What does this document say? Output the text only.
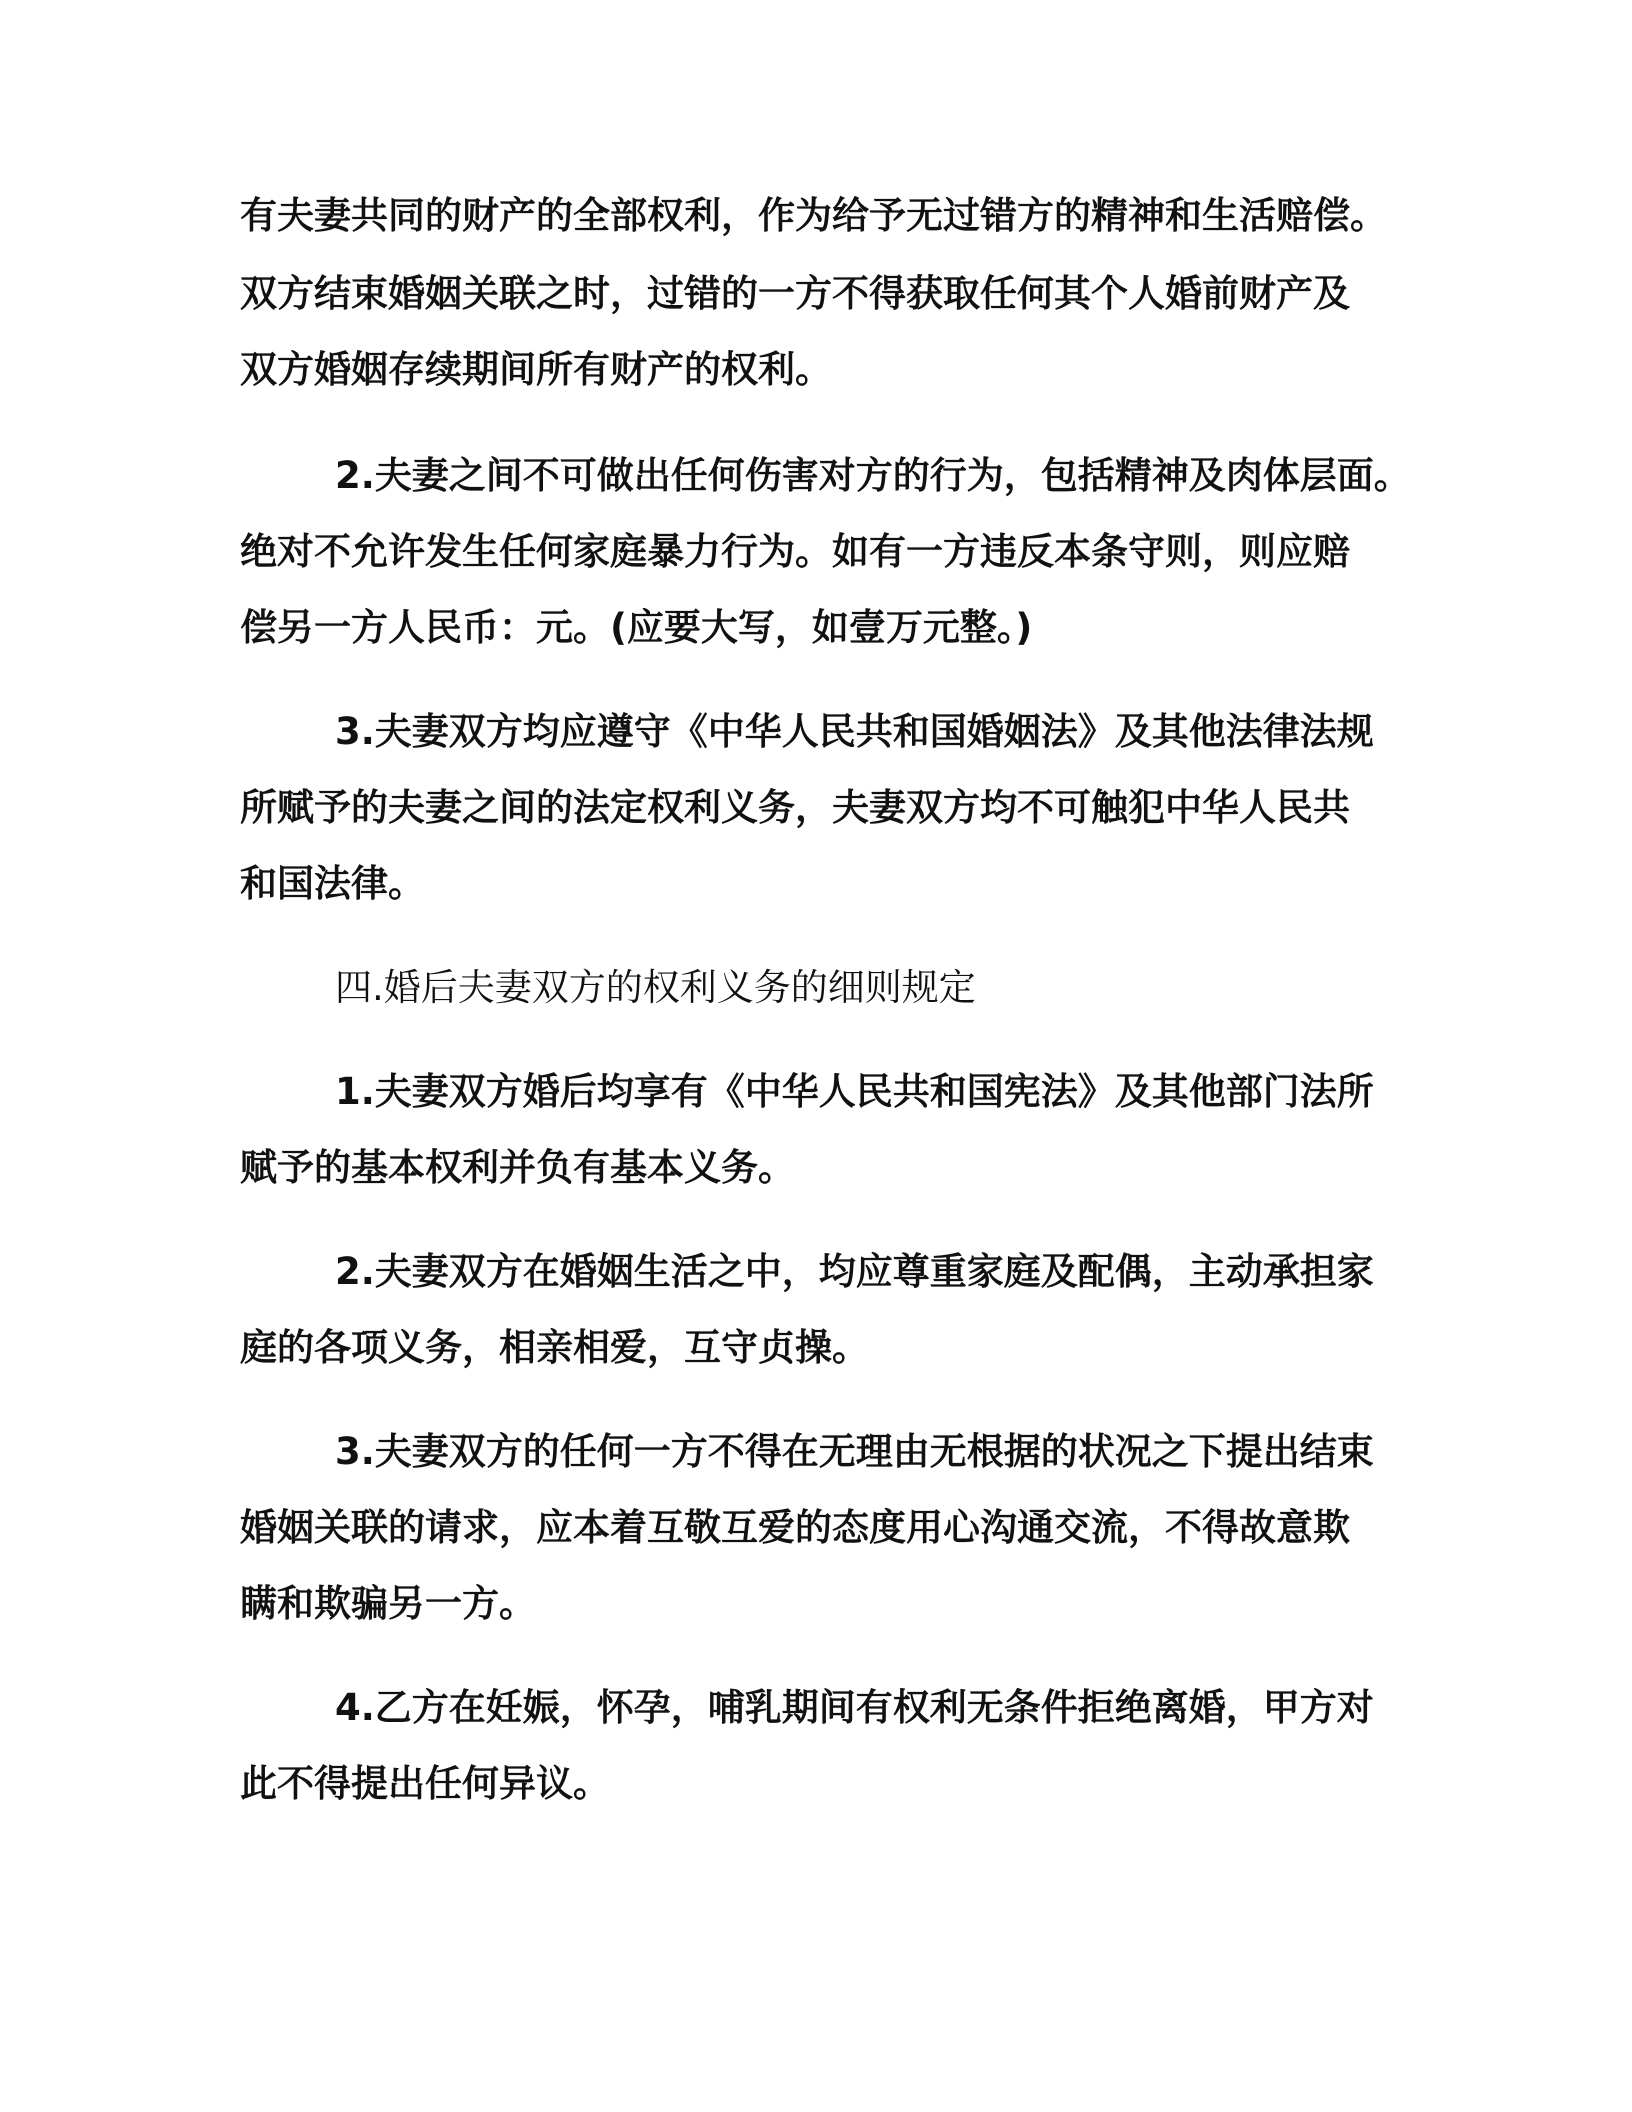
有夫妻共同的财产的全部权利，作为给予无过错方的精神和生活赔偿。
双方结束婚姻关联之时，过错的一方不得获取任何其个人婚前财产及
双方婚姻存续期间所有财产的权利。
2.夫妻之间不可做出任何伤害对方的行为，包括精神及肉体层面。
绝对不允许发生任何家庭暴力行为。如有一方违反本条守则，则应赔
偿另一方人民币：元。(应要大写，如壹万元整。)
3.夫妻双方均应遵守《中华人民共和国婚姻法》及其他法律法规
所赋予的夫妻之间的法定权利义务，夫妻双方均不可触犯中华人民共
和国法律。
四.婚后夫妻双方的权利义务的细则规定
1.夫妻双方婚后均享有《中华人民共和国宪法》及其他部门法所
赋予的基本权利并负有基本义务。
2.夫妻双方在婚姻生活之中，均应尊重家庭及配偶，主动承担家
庭的各项义务，相亲相爱，互守贞操。
3.夫妻双方的任何一方不得在无理由无根据的状况之下提出结束
婚姻关联的请求，应本着互敬互爱的态度用心沟通交流，不得故意欺
瞒和欺骗另一方。
4.乙方在妊娠，怀孕，哺乳期间有权利无条件拒绝离婚，甲方对
此不得提出任何异议。
